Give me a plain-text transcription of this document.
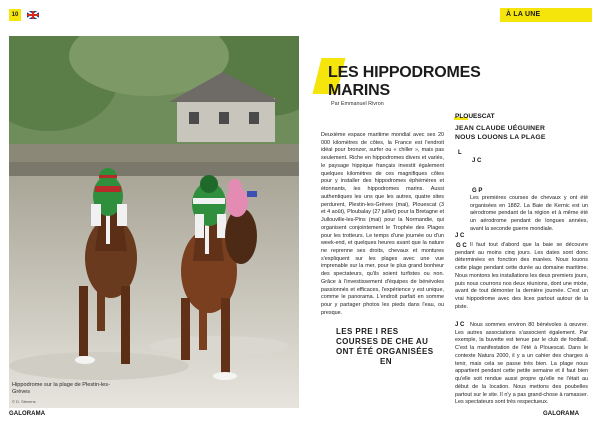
10	À LA UNE
Hippodrome sur la plage de Plestin-les-Grèves
© D. Stevens
LES HIPPODROMES
MARINS
Par Emmanuel Rivron
Deuxième espace maritime mondial avec ses 20 000 kilomètres de côtes, la France est l'endroit idéal pour bronzer, surfer ou « chiller », mais pas seulement. Riche en hippodromes divers et variés, le paysage hippique français investit également quelques kilomètres de ces magnifiques côtes pour y installer des hippodromes éphémères et étonnants, les hippodromes marins. Aussi authentiques les uns que les autres, quatre sites perdurent, Plestin-les-Grèves (mai), Plouescat (3 et 4 août), Ploubalay (27 juillet) pour la Bretagne et Jullouville-les-Pins (mai) pour la Normandie, qui organisent conjointement le Trophée des Plages pour les trotteurs. Le temps d'une journée ou d'un week-end, et quelques heures avant que la nature ne reprenne ses droits, chevaux et montures s'expliquent sur les plages avec une vue imprenable sur la mer, pour le plus grand bonheur des spectateurs, qu'ils soient turfistes ou non. Grâce à l'investissement d'équipes de bénévoles passionnés et efficaces, l'expérience y est unique, comme le panorama. L'endroit parfait en somme pour y partager photos les pieds dans l'eau, ou presque.
LES PRE I RES
COURSES DE CHE AU
ONT ÉTÉ ORGANISÉES
EN
PLOUESCAT
JEAN CLAUDE UÉGUINER
NOUS LOUONS LA PLAGE
L
J C
G P
Les premières courses de chevaux y ont été organisées en 1882. La Baie de Kernic est un aérodrome pendant de la région et à même été un aérodrome pendant de longues années, avant la seconde guerre mondiale.
J C
G C Il faut tout d'abord que la baie se découvre pendant au moins cinq jours. Les dates sont donc déterminées en fonction des marées. Nous louons cette plage pendant cette durée au domaine maritime. Nous montons les installations les deux premiers jours, puis nous courrons nos deux réunions, dont une mixte, avant de tout démonter la dernière journée. C'est un vrai hippodrome avec des lices partout autour de la piste.
J C	Nous sommes environ 80 bénévoles à œuvrer. Les autres associations s'associent également. Par exemple, la buvette est tenue par le club de football. C'est la manifestation de l'été à Plouescat. Dans le contexte Natura 2000, il y a un cahier des charges à tenir, mais cela se passe très bien. La plage nous appartient pendant cette petite semaine et il faut bien qu'elle soit rendue aussi propre qu'elle ne l'était au début de la location. Nous mettons des poubelles partout sur le site. Il n'y a pas grand-chose à ramasser. Les spectateurs sont très respectueux.
GALORAMA	GALORAMA
